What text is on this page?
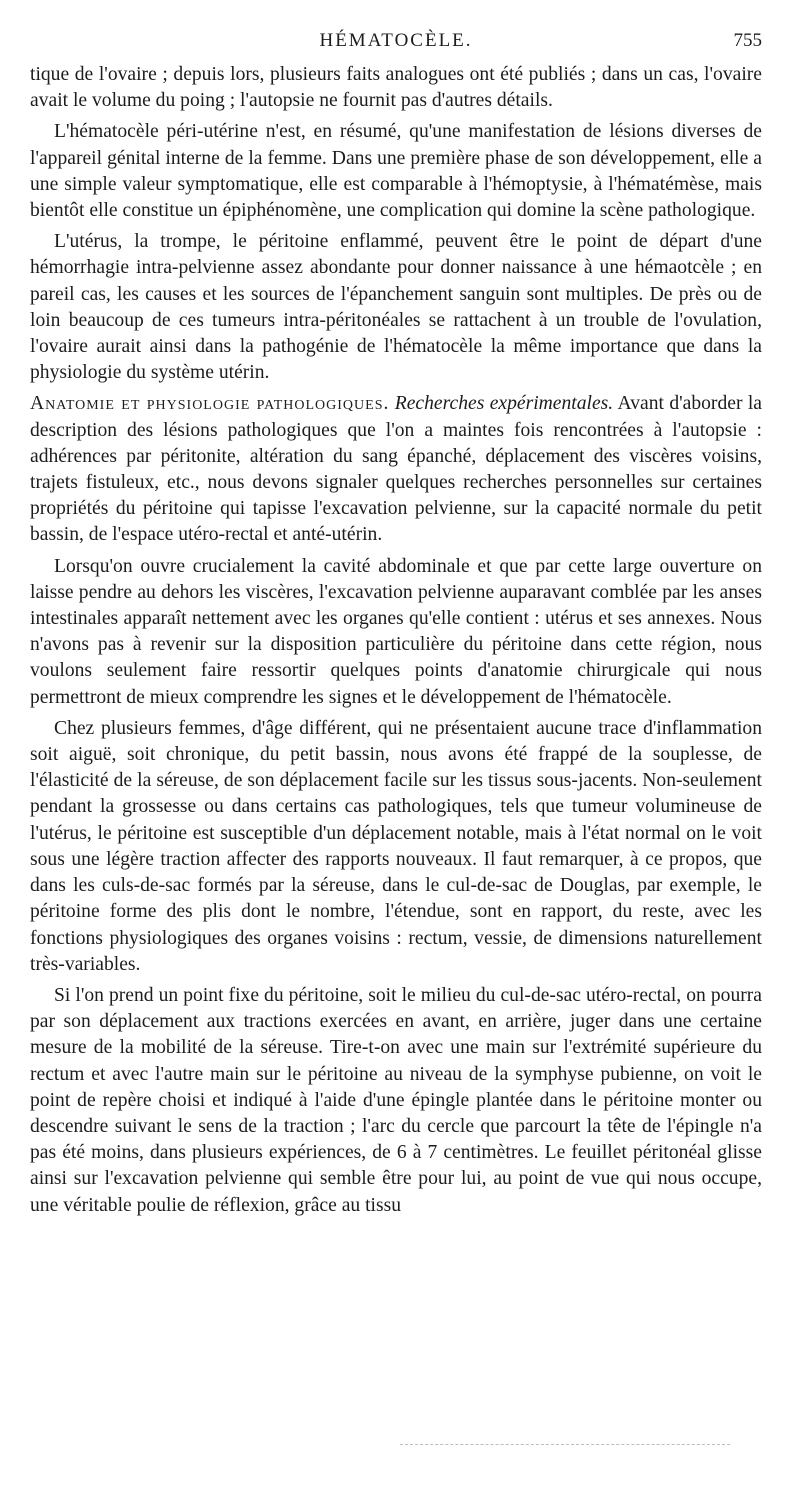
HÉMATOCÈLE.	755

tique de l'ovaire ; depuis lors, plusieurs faits analogues ont été publiés ; dans un cas, l'ovaire avait le volume du poing ; l'autopsie ne fournit pas d'autres détails.

L'hématocèle péri-utérine n'est, en résumé, qu'une manifestation de lésions diverses de l'appareil génital interne de la femme. Dans une première phase de son développement, elle a une simple valeur symptomatique, elle est comparable à l'hémoptysie, à l'hématémèse, mais bientôt elle constitue un épiphénomène, une complication qui domine la scène pathologique.

L'utérus, la trompe, le péritoine enflammé, peuvent être le point de départ d'une hémorrhagie intra-pelvienne assez abondante pour donner naissance à une hémaotcèle ; en pareil cas, les causes et les sources de l'épanchement sanguin sont multiples. De près ou de loin beaucoup de ces tumeurs intra-péritonéales se rattachent à un trouble de l'ovulation, l'ovaire aurait ainsi dans la pathogénie de l'hématocèle la même importance que dans la physiologie du système utérin.

Anatomie et physiologie pathologiques. Recherches expérimentales. Avant d'aborder la description des lésions pathologiques que l'on a maintes fois rencontrées à l'autopsie : adhérences par péritonite, altération du sang épanché, déplacement des viscères voisins, trajets fistuleux, etc., nous devons signaler quelques recherches personnelles sur certaines propriétés du péritoine qui tapisse l'excavation pelvienne, sur la capacité normale du petit bassin, de l'espace utéro-rectal et anté-utérin.

Lorsqu'on ouvre crucialement la cavité abdominale et que par cette large ouverture on laisse pendre au dehors les viscères, l'excavation pelvienne auparavant comblée par les anses intestinales apparaît nettement avec les organes qu'elle contient : utérus et ses annexes. Nous n'avons pas à revenir sur la disposition particulière du péritoine dans cette région, nous voulons seulement faire ressortir quelques points d'anatomie chirurgicale qui nous permettront de mieux comprendre les signes et le développement de l'hématocèle.

Chez plusieurs femmes, d'âge différent, qui ne présentaient aucune trace d'inflammation soit aiguë, soit chronique, du petit bassin, nous avons été frappé de la souplesse, de l'élasticité de la séreuse, de son déplacement facile sur les tissus sous-jacents. Non-seulement pendant la grossesse ou dans certains cas pathologiques, tels que tumeur volumineuse de l'utérus, le péritoine est susceptible d'un déplacement notable, mais à l'état normal on le voit sous une légère traction affecter des rapports nouveaux. Il faut remarquer, à ce propos, que dans les culs-de-sac formés par la séreuse, dans le cul-de-sac de Douglas, par exemple, le péritoine forme des plis dont le nombre, l'étendue, sont en rapport, du reste, avec les fonctions physiologiques des organes voisins : rectum, vessie, de dimensions naturellement très-variables.

Si l'on prend un point fixe du péritoine, soit le milieu du cul-de-sac utéro-rectal, on pourra par son déplacement aux tractions exercées en avant, en arrière, juger dans une certaine mesure de la mobilité de la séreuse. Tire-t-on avec une main sur l'extrémité supérieure du rectum et avec l'autre main sur le péritoine au niveau de la symphyse pubienne, on voit le point de repère choisi et indiqué à l'aide d'une épingle plantée dans le péritoine monter ou descendre suivant le sens de la traction ; l'arc du cercle que parcourt la tête de l'épingle n'a pas été moins, dans plusieurs expériences, de 6 à 7 centimètres. Le feuillet péritonéal glisse ainsi sur l'excavation pelvienne qui semble être pour lui, au point de vue qui nous occupe, une véritable poulie de réflexion, grâce au tissu
